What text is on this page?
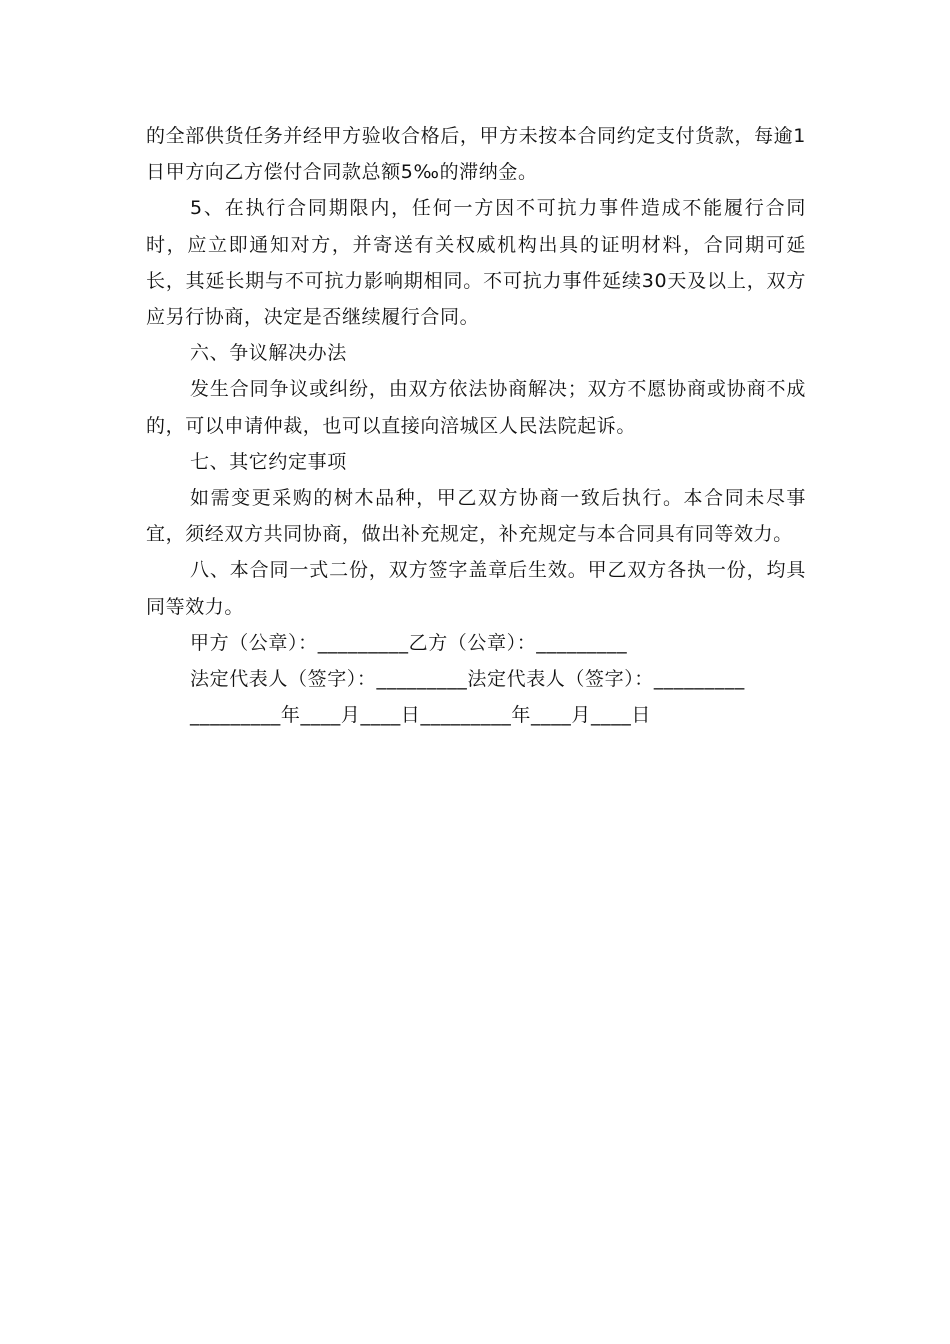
的全部供货任务并经甲方验收合格后，甲方未按本合同约定支付货款，每逾1日甲方向乙方偿付合同款总额5‰的滞纳金。

5、在执行合同期限内，任何一方因不可抗力事件造成不能履行合同时，应立即通知对方，并寄送有关权威机构出具的证明材料，合同期可延长，其延长期与不可抗力影响期相同。不可抗力事件延续30天及以上，双方应另行协商，决定是否继续履行合同。

六、争议解决办法

发生合同争议或纠纷，由双方依法协商解决；双方不愿协商或协商不成的，可以申请仲裁，也可以直接向涪城区人民法院起诉。

七、其它约定事项

如需变更采购的树木品种，甲乙双方协商一致后执行。本合同未尽事宜，须经双方共同协商，做出补充规定，补充规定与本合同具有同等效力。

八、本合同一式二份，双方签字盖章后生效。甲乙双方各执一份，均具同等效力。

甲方（公章）：_________乙方（公章）：_________

法定代表人（签字）：_________法定代表人（签字）：_________

_________年____月____日_________年____月____日
